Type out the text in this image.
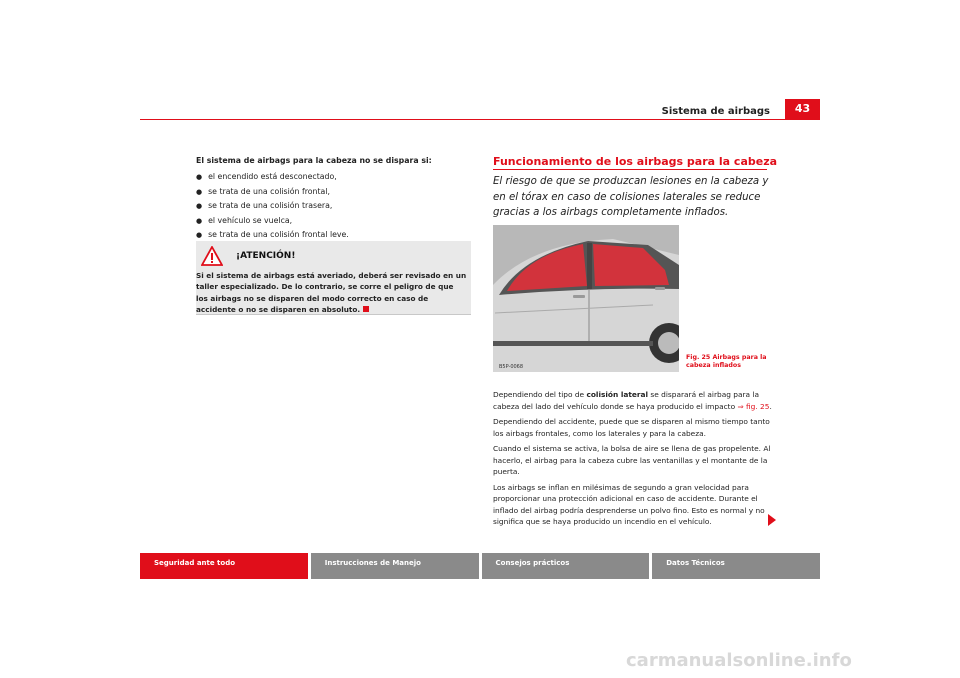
Sistema de airbags	43
El sistema de airbags para la cabeza no se dispara si:
● el encendido está desconectado,
● se trata de una colisión frontal,
● se trata de una colisión trasera,
● el vehículo se vuelca,
● se trata de una colisión frontal leve.
¡ATENCIÓN!
Si el sistema de airbags está averiado, deberá ser revisado en un taller especializado. De lo contrario, se corre el peligro de que los airbags no se disparen del modo correcto en caso de accidente o no se disparen en absoluto.
Funcionamiento de los airbags para la cabeza
El riesgo de que se produzcan lesiones en la cabeza y en el tórax en caso de colisiones laterales se reduce gracias a los airbags completamente inflados.
B5P-0068
Fig. 25 Airbags para la cabeza inflados

Dependiendo del tipo de colisión lateral se disparará el airbag para la cabeza del lado del vehículo donde se haya producido el impacto ⇒ fig. 25.

Dependiendo del accidente, puede que se disparen al mismo tiempo tanto los airbags frontales, como los laterales y para la cabeza.

Cuando el sistema se activa, la bolsa de aire se llena de gas propelente. Al hacerlo, el airbag para la cabeza cubre las ventanillas y el montante de la puerta.

Los airbags se inflan en milésimas de segundo a gran velocidad para proporcionar una protección adicional en caso de accidente. Durante el inflado del airbag podría desprenderse un polvo fino. Esto es normal y no significa que se haya producido un incendio en el vehículo.

Seguridad ante todo	Instrucciones de Manejo	Consejos prácticos	Datos Técnicos
carmanualsonline.info
